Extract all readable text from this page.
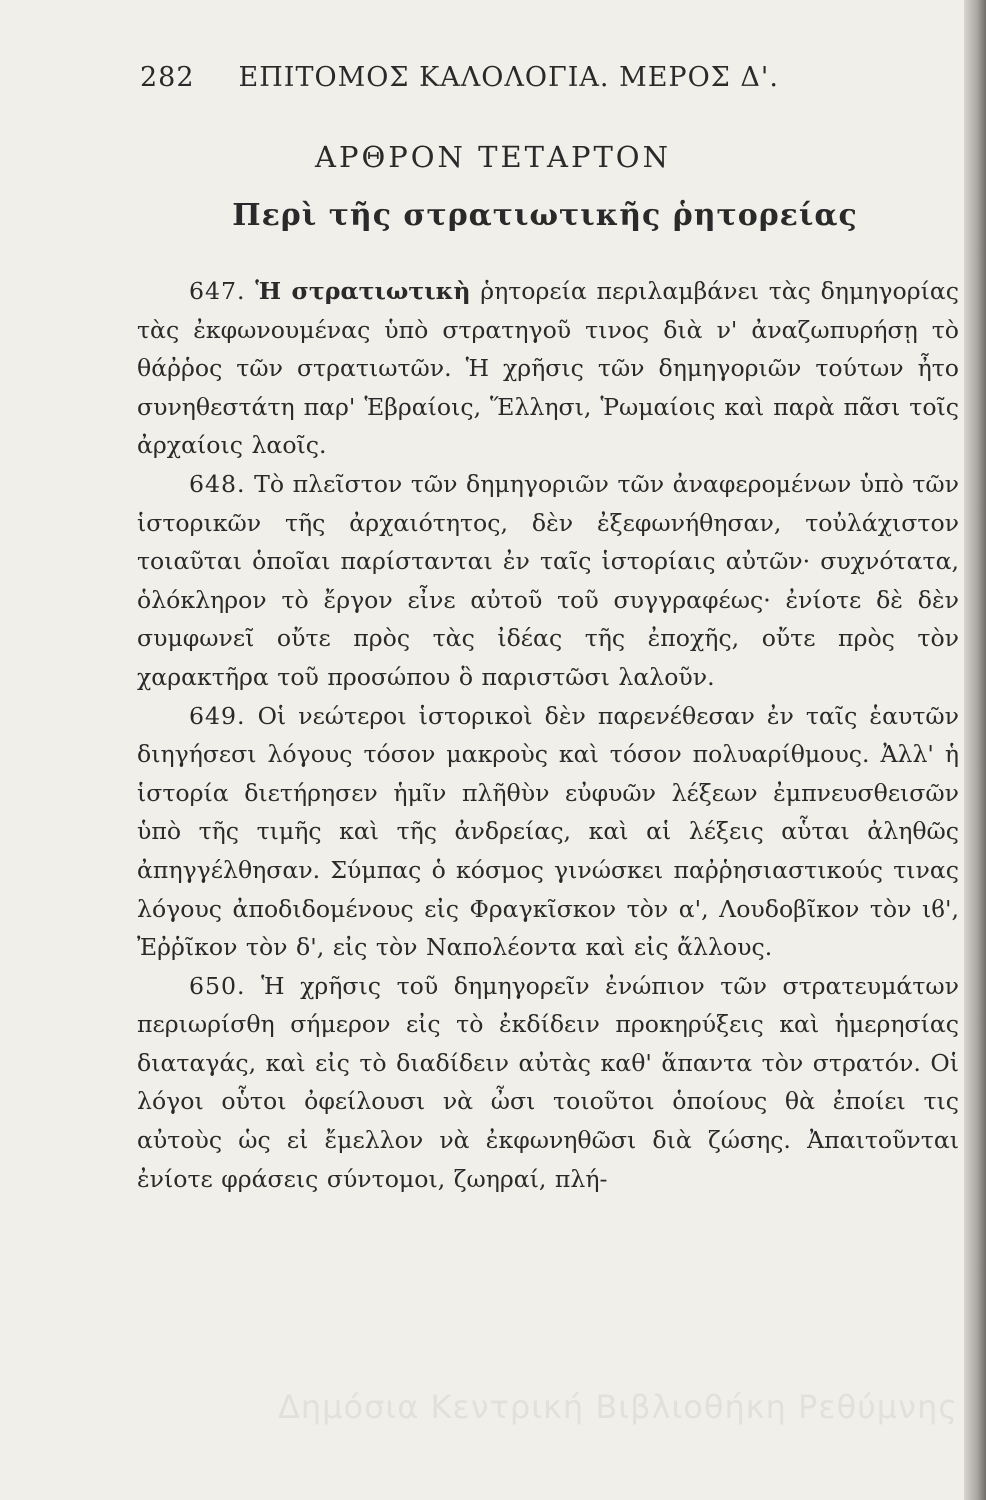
282 ΕΠΙΤΟΜΟΣ ΚΑΛΟΛΟΓΙΑ. ΜΕΡΟΣ Δ'.
ΑΡΘΡΟΝ ΤΕΤΑΡΤΟΝ
Περὶ τῆς στρατιωτικῆς ῥητορείας

647. Ἡ στρατιωτικὴ ῥητορεία περιλαμβάνει τὰς δημηγορίας τὰς ἐκφωνουμένας ὑπὸ στρατηγοῦ τινος διὰ ν' ἀναζωπυρήσῃ τὸ θάῤῥος τῶν στρατιωτῶν. Ἡ χρῆσις τῶν δημηγοριῶν τούτων ἦτο συνηθεστάτη παρ' Ἑβραίοις, Ἕλλησι, Ῥωμαίοις καὶ παρὰ πᾶσι τοῖς ἀρχαίοις λαοῖς.

648. Τὸ πλεῖστον τῶν δημηγοριῶν τῶν ἀναφερομένων ὑπὸ τῶν ἱστορικῶν τῆς ἀρχαιότητος, δὲν ἐξεφωνήθησαν, τοὐλάχιστον τοιαῦται ὁποῖαι παρίστανται ἐν ταῖς ἱστορίαις αὐτῶν· συχνότατα, ὁλόκληρον τὸ ἔργον εἶνε αὐτοῦ τοῦ συγγραφέως· ἐνίοτε δὲ δὲν συμφωνεῖ οὔτε πρὸς τὰς ἰδέας τῆς ἐποχῆς, οὔτε πρὸς τὸν χαρακτῆρα τοῦ προσώπου ὃ παριστῶσι λαλοῦν.

649. Οἱ νεώτεροι ἱστορικοὶ δὲν παρενέθεσαν ἐν ταῖς ἑαυτῶν διηγήσεσι λόγους τόσον μακροὺς καὶ τόσον πολυαρίθμους. Ἀλλ' ἡ ἱστορία διετήρησεν ἡμῖν πλῆθὺν εὐφυῶν λέξεων ἐμπνευσθεισῶν ὑπὸ τῆς τιμῆς καὶ τῆς ἀνδρείας, καὶ αἱ λέξεις αὗται ἀληθῶς ἀπηγγέλθησαν. Σύμπας ὁ κόσμος γινώσκει παῤῥησιαστικούς τινας λόγους ἀποδιδομένους εἰς Φραγκῖσκον τὸν α', Λουδοβῖκον τὸν ιϐ', Ἐῤῥῖκον τὸν δ', εἰς τὸν Ναπολέοντα καὶ εἰς ἄλλους.

650. Ἡ χρῆσις τοῦ δημηγορεῖν ἐνώπιον τῶν στρατευμάτων περιωρίσθη σήμερον εἰς τὸ ἐκδίδειν προκηρύξεις καὶ ἡμερησίας διαταγάς, καὶ εἰς τὸ διαδίδειν αὐτὰς καθ' ἅπαντα τὸν στρατόν. Οἱ λόγοι οὗτοι ὀφείλουσι νὰ ὦσι τοιοῦτοι ὁποίους θὰ ἐποίει τις αὐτοὺς ὡς εἰ ἔμελλον νὰ ἐκφωνηθῶσι διὰ ζώσης. Ἀπαιτοῦνται ἐνίοτε φράσεις σύντομοι, ζωηραί, πλή-

Δημόσια Κεντρική Βιβλιοθήκη Ρεθύμνης
